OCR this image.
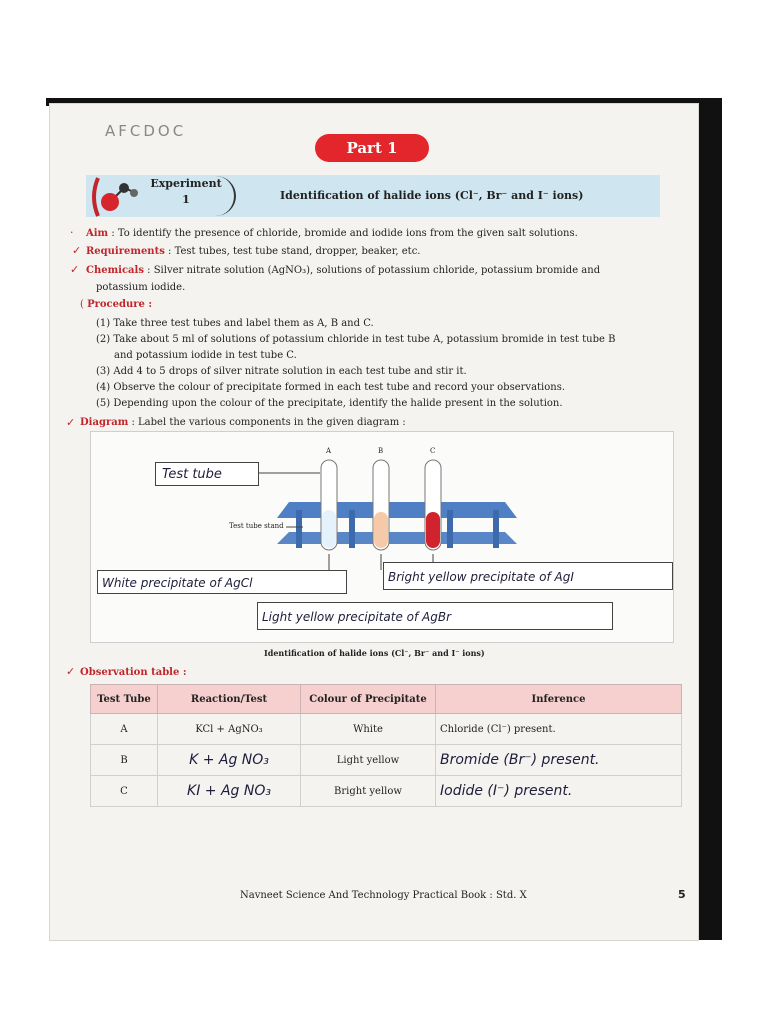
AFCDOC
Part 1
Experiment
1	Identification of halide ions (Cl⁻, Br⁻ and I⁻ ions)
· Aim : To identify the presence of chloride, bromide and iodide ions from the given salt solutions.
✓ Requirements : Test tubes, test tube stand, dropper, beaker, etc.
✓ Chemicals : Silver nitrate solution (AgNO₃), solutions of potassium chloride, potassium bromide and
potassium iodide.
( Procedure :
(1) Take three test tubes and label them as A, B and C.
(2) Take about 5 ml of solutions of potassium chloride in test tube A, potassium bromide in test tube B
and potassium iodide in test tube C.
(3) Add 4 to 5 drops of silver nitrate solution in each test tube and stir it.
(4) Observe the colour of precipitate formed in each test tube and record your observations.
(5) Depending upon the colour of the precipitate, identify the halide present in the solution.
✓ Diagram : Label the various components in the given diagram :
A	B	C
Test tube stand
Test tube
White precipitate of AgCl	Bright yellow precipitate of AgI
Light yellow precipitate of AgBr
Identification of halide ions (Cl⁻, Br⁻ and I⁻ ions)
✓ Observation table :
Test Tube	Reaction/Test	Colour of Precipitate	Inference
A	KCl + AgNO₃	White	Chloride (Cl⁻) present.
B	K + Ag NO₃	Light yellow	Bromide (Br⁻) present.
C	KI + Ag NO₃	Bright yellow	Iodide (I⁻) present.
Navneet Science And Technology Practical Book : Std. X	5
